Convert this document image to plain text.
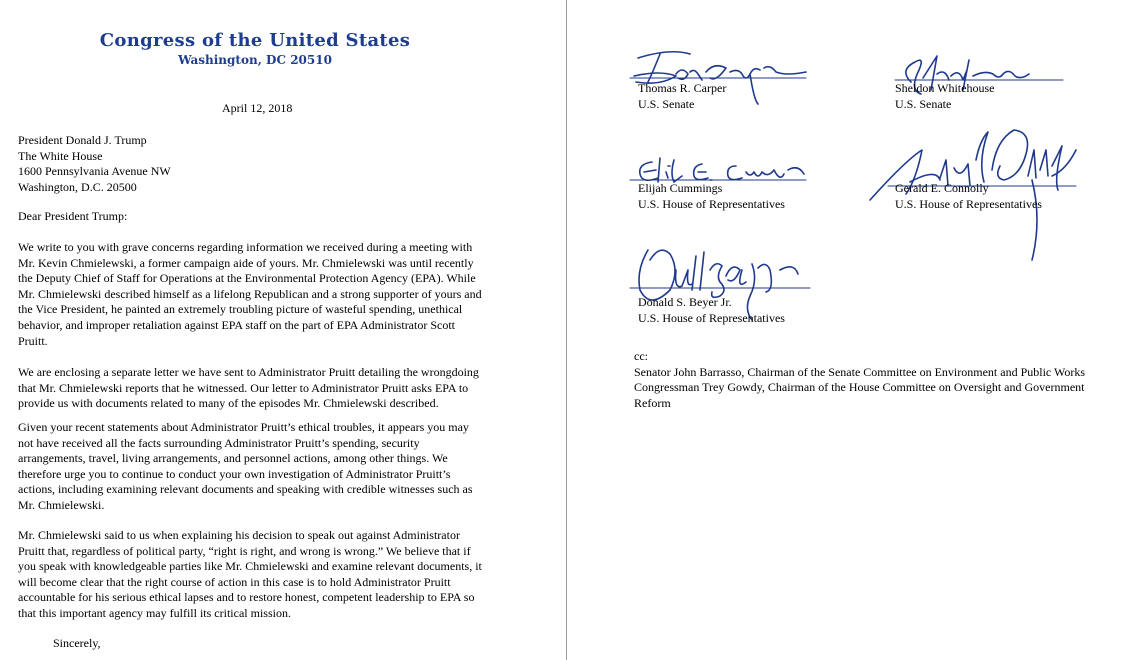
Congress of the United States
Washington, DC 20510
April 12, 2018
President Donald J. Trump
The White House
1600 Pennsylvania Avenue NW
Washington, D.C. 20500
Dear President Trump:
We write to you with grave concerns regarding information we received during a meeting with
Mr. Kevin Chmielewski, a former campaign aide of yours. Mr. Chmielewski was until recently
the Deputy Chief of Staff for Operations at the Environmental Protection Agency (EPA). While
Mr. Chmielewski described himself as a lifelong Republican and a strong supporter of yours and
the Vice President, he painted an extremely troubling picture of wasteful spending, unethical
behavior, and improper retaliation against EPA staff on the part of EPA Administrator Scott
Pruitt.
We are enclosing a separate letter we have sent to Administrator Pruitt detailing the wrongdoing
that Mr. Chmielewski reports that he witnessed. Our letter to Administrator Pruitt asks EPA to
provide us with documents related to many of the episodes Mr. Chmielewski described.
Given your recent statements about Administrator Pruitt’s ethical troubles, it appears you may
not have received all the facts surrounding Administrator Pruitt’s spending, security
arrangements, travel, living arrangements, and personnel actions, among other things. We
therefore urge you to continue to conduct your own investigation of Administrator Pruitt’s
actions, including examining relevant documents and speaking with credible witnesses such as
Mr. Chmielewski.
Mr. Chmielewski said to us when explaining his decision to speak out against Administrator
Pruitt that, regardless of political party, “right is right, and wrong is wrong.” We believe that if
you speak with knowledgeable parties like Mr. Chmielewski and examine relevant documents, it
will become clear that the right course of action in this case is to hold Administrator Pruitt
accountable for his serious ethical lapses and to restore honest, competent leadership to EPA so
that this important agency may fulfill its critical mission.
Sincerely,
Thomas R. Carper
U.S. Senate
Sheldon Whitehouse
U.S. Senate
Elijah Cummings
U.S. House of Representatives
Gerald E. Connolly
U.S. House of Representatives
Donald S. Beyer Jr.
U.S. House of Representatives
cc:
Senator John Barrasso, Chairman of the Senate Committee on Environment and Public Works
Congressman Trey Gowdy, Chairman of the House Committee on Oversight and Government
Reform
